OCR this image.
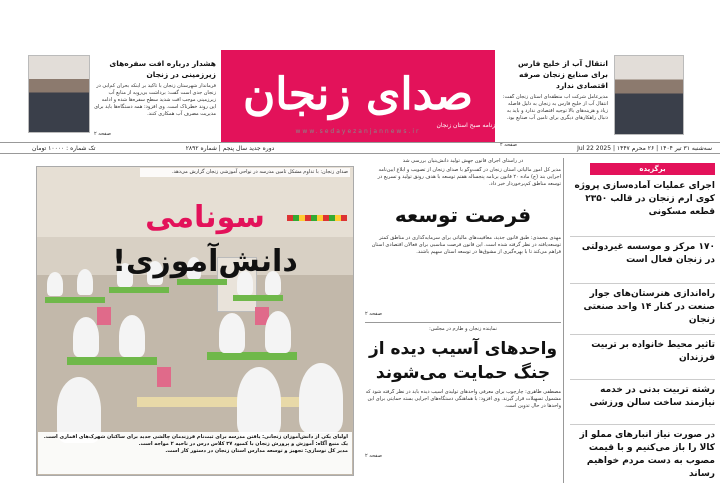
صدای زنجان
روزنامه صبح استان زنجان
www.sedayezanjannews.ir
هشدار درباره افت سفره‌های زیرزمینی در زنجان
فرماندار شهرستان زنجان با تاکید بر اینکه بحران کم‌آبی در زنجان جدی است گفت: برداشت بی‌رویه از منابع آب زیرزمینی موجب افت شدید سطح سفره‌ها شده و ادامه این روند خطرناک است. وی افزود: همه دستگاه‌ها باید برای مدیریت مصرف آب همکاری کنند.
صفحه ۲
انتقال آب از خلیج فارس برای صنایع زنجان صرفه اقتصادی ندارد
مدیرعامل شرکت آب منطقه‌ای استان زنجان گفت: انتقال آب از خلیج فارس به زنجان به دلیل فاصله زیاد و هزینه‌های بالا توجیه اقتصادی ندارد و باید به دنبال راهکارهای دیگری برای تامین آب صنایع بود.
صفحه ۲	سه‌شنبه ۳۱ تیر ۱۴۰۴ | ۲۶ محرم ۱۴۴۷ | Jul 22 2025
دوره جدید سال پنجم | شماره ۲۸۹۲
تک شماره : ۱۰۰۰۰ تومان
صدای زنجان: با تداوم مشکل تامین مدرسه در نواحی آموزشی زنجان گزارش می‌دهد.
سونامی دانش‌آموزی!
اولیای یکی از دانش‌آموزان زنجانی: یافتن مدرسه برای ثبت‌نام فرزندمان چالشی جدید برای ساکنان شهرک‌های اقماری است.
یک منبع آگاه: آموزش و پرورش زنجان با کمبود ۳۷ کلاس درس در ناحیه ۲ مواجه است.
مدیر کل نوسازی: تجهیز و توسعه مدارس استان زنجان در دستور کار است.
در راستای اجرای قانون جهش تولید دانش‌بنیان بررسی شد
مدیر کل امور مالیاتی استان زنجان در گفت‌وگو با صدای زنجان از تصویب و ابلاغ آیین‌نامه اجرایی بند (ج) ماده ۲۰ قانون برنامه پنجساله هفتم توسعه با هدف رونق تولید و تسریع در توسعه مناطق کم‌برخوردار خبر داد.
فرصت توسعه
مهدی محمدی: طبق قانون جدید، معافیت‌های مالیاتی برای سرمایه‌گذاری در مناطق کمتر توسعه‌یافته در نظر گرفته شده است. این قانون فرصت مناسبی برای فعالان اقتصادی استان فراهم می‌کند تا با بهره‌گیری از مشوق‌ها در توسعه استان سهیم باشند.
صفحه ۲
نماینده زنجان و طارم در مجلس:
واحدهای آسیب دیده از
جنگ حمایت می‌شوند
مصطفی طاهری: چارچوب برای معرفی واحدهای تولیدی آسیب دیده باید در نظر گرفته شود که مشمول تسهیلات قرار گیرند. وی افزود: با هماهنگی دستگاه‌های اجرایی بسته حمایتی برای این واحدها در حال تدوین است.
صفحه ۲
برگزیده
اجرای عملیات آماده‌سازی پروژه کوی ارم زنجان در قالب ۲۳۵۰ قطعه مسکونی
۱۷۰ مرکز و موسسه غیردولتی در زنجان فعال است
راه‌اندازی هنرستان‌های جوار صنعت در کنار ۱۴ واحد صنعتی زنجان
تاثیر محیط خانواده بر تربیت فرزندان
رشته تربیت بدنی در خدمه نیازمند ساخت سالن ورزشی
در صورت نیاز انبارهای مملو از کالا را باز می‌کنیم و با قیمت مصوب به دست مردم خواهیم رساند
